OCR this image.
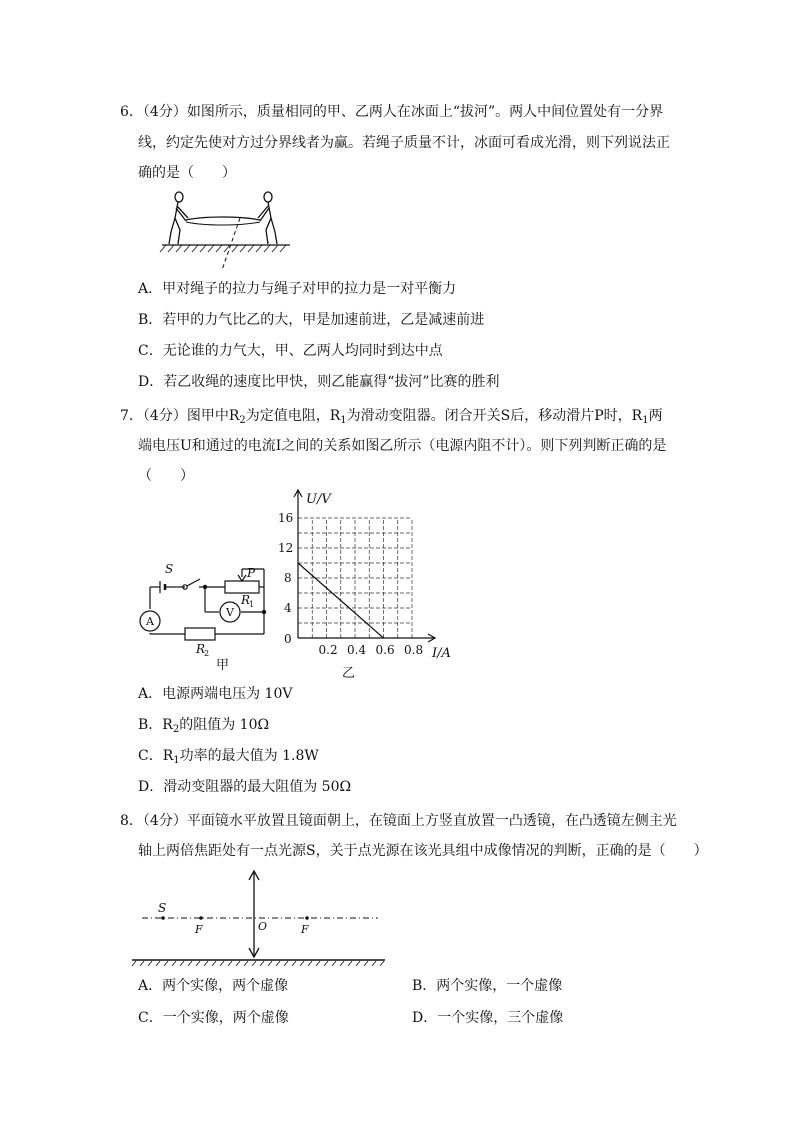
6．（4分）如图所示，质量相同的甲、乙两人在冰面上“拔河”。两人中间位置处有一分界
线，约定先使对方过分界线者为赢。若绳子质量不计，冰面可看成光滑，则下列说法正
确的是（　　）
A．甲对绳子的拉力与绳子对甲的拉力是一对平衡力
B．若甲的力气比乙的大，甲是加速前进，乙是减速前进
C．无论谁的力气大，甲、乙两人均同时到达中点
D．若乙收绳的速度比甲快，则乙能赢得“拔河”比赛的胜利
7．（4分）图甲中$R_2$为定值电阻，$R_1$为滑动变阻器。闭合开关S后，移动滑片P时，$R_1$两
端电压U和通过的电流I之间的关系如图乙所示（电源内阻不计）。则下列判断正确的是
（　　）
S	P
R
1
R
2
A
V
甲
0.2 0.4 0.6 0.8
4
8
12
16
U/V
I/A
0
乙
A．电源两端电压为 10V
B．$R_2$的阻值为 10Ω
C．$R_1$功率的最大值为 1.8W
D．滑动变阻器的最大阻值为 50Ω
8．（4分）平面镜水平放置且镜面朝上，在镜面上方竖直放置一凸透镜，在凸透镜左侧主光
轴上两倍焦距处有一点光源S，关于点光源在该光具组中成像情况的判断，正确的是（　　）
S
F	O	F
A．两个实像，两个虚像	B．两个实像，一个虚像
C．一个实像，两个虚像	D．一个实像，三个虚像
